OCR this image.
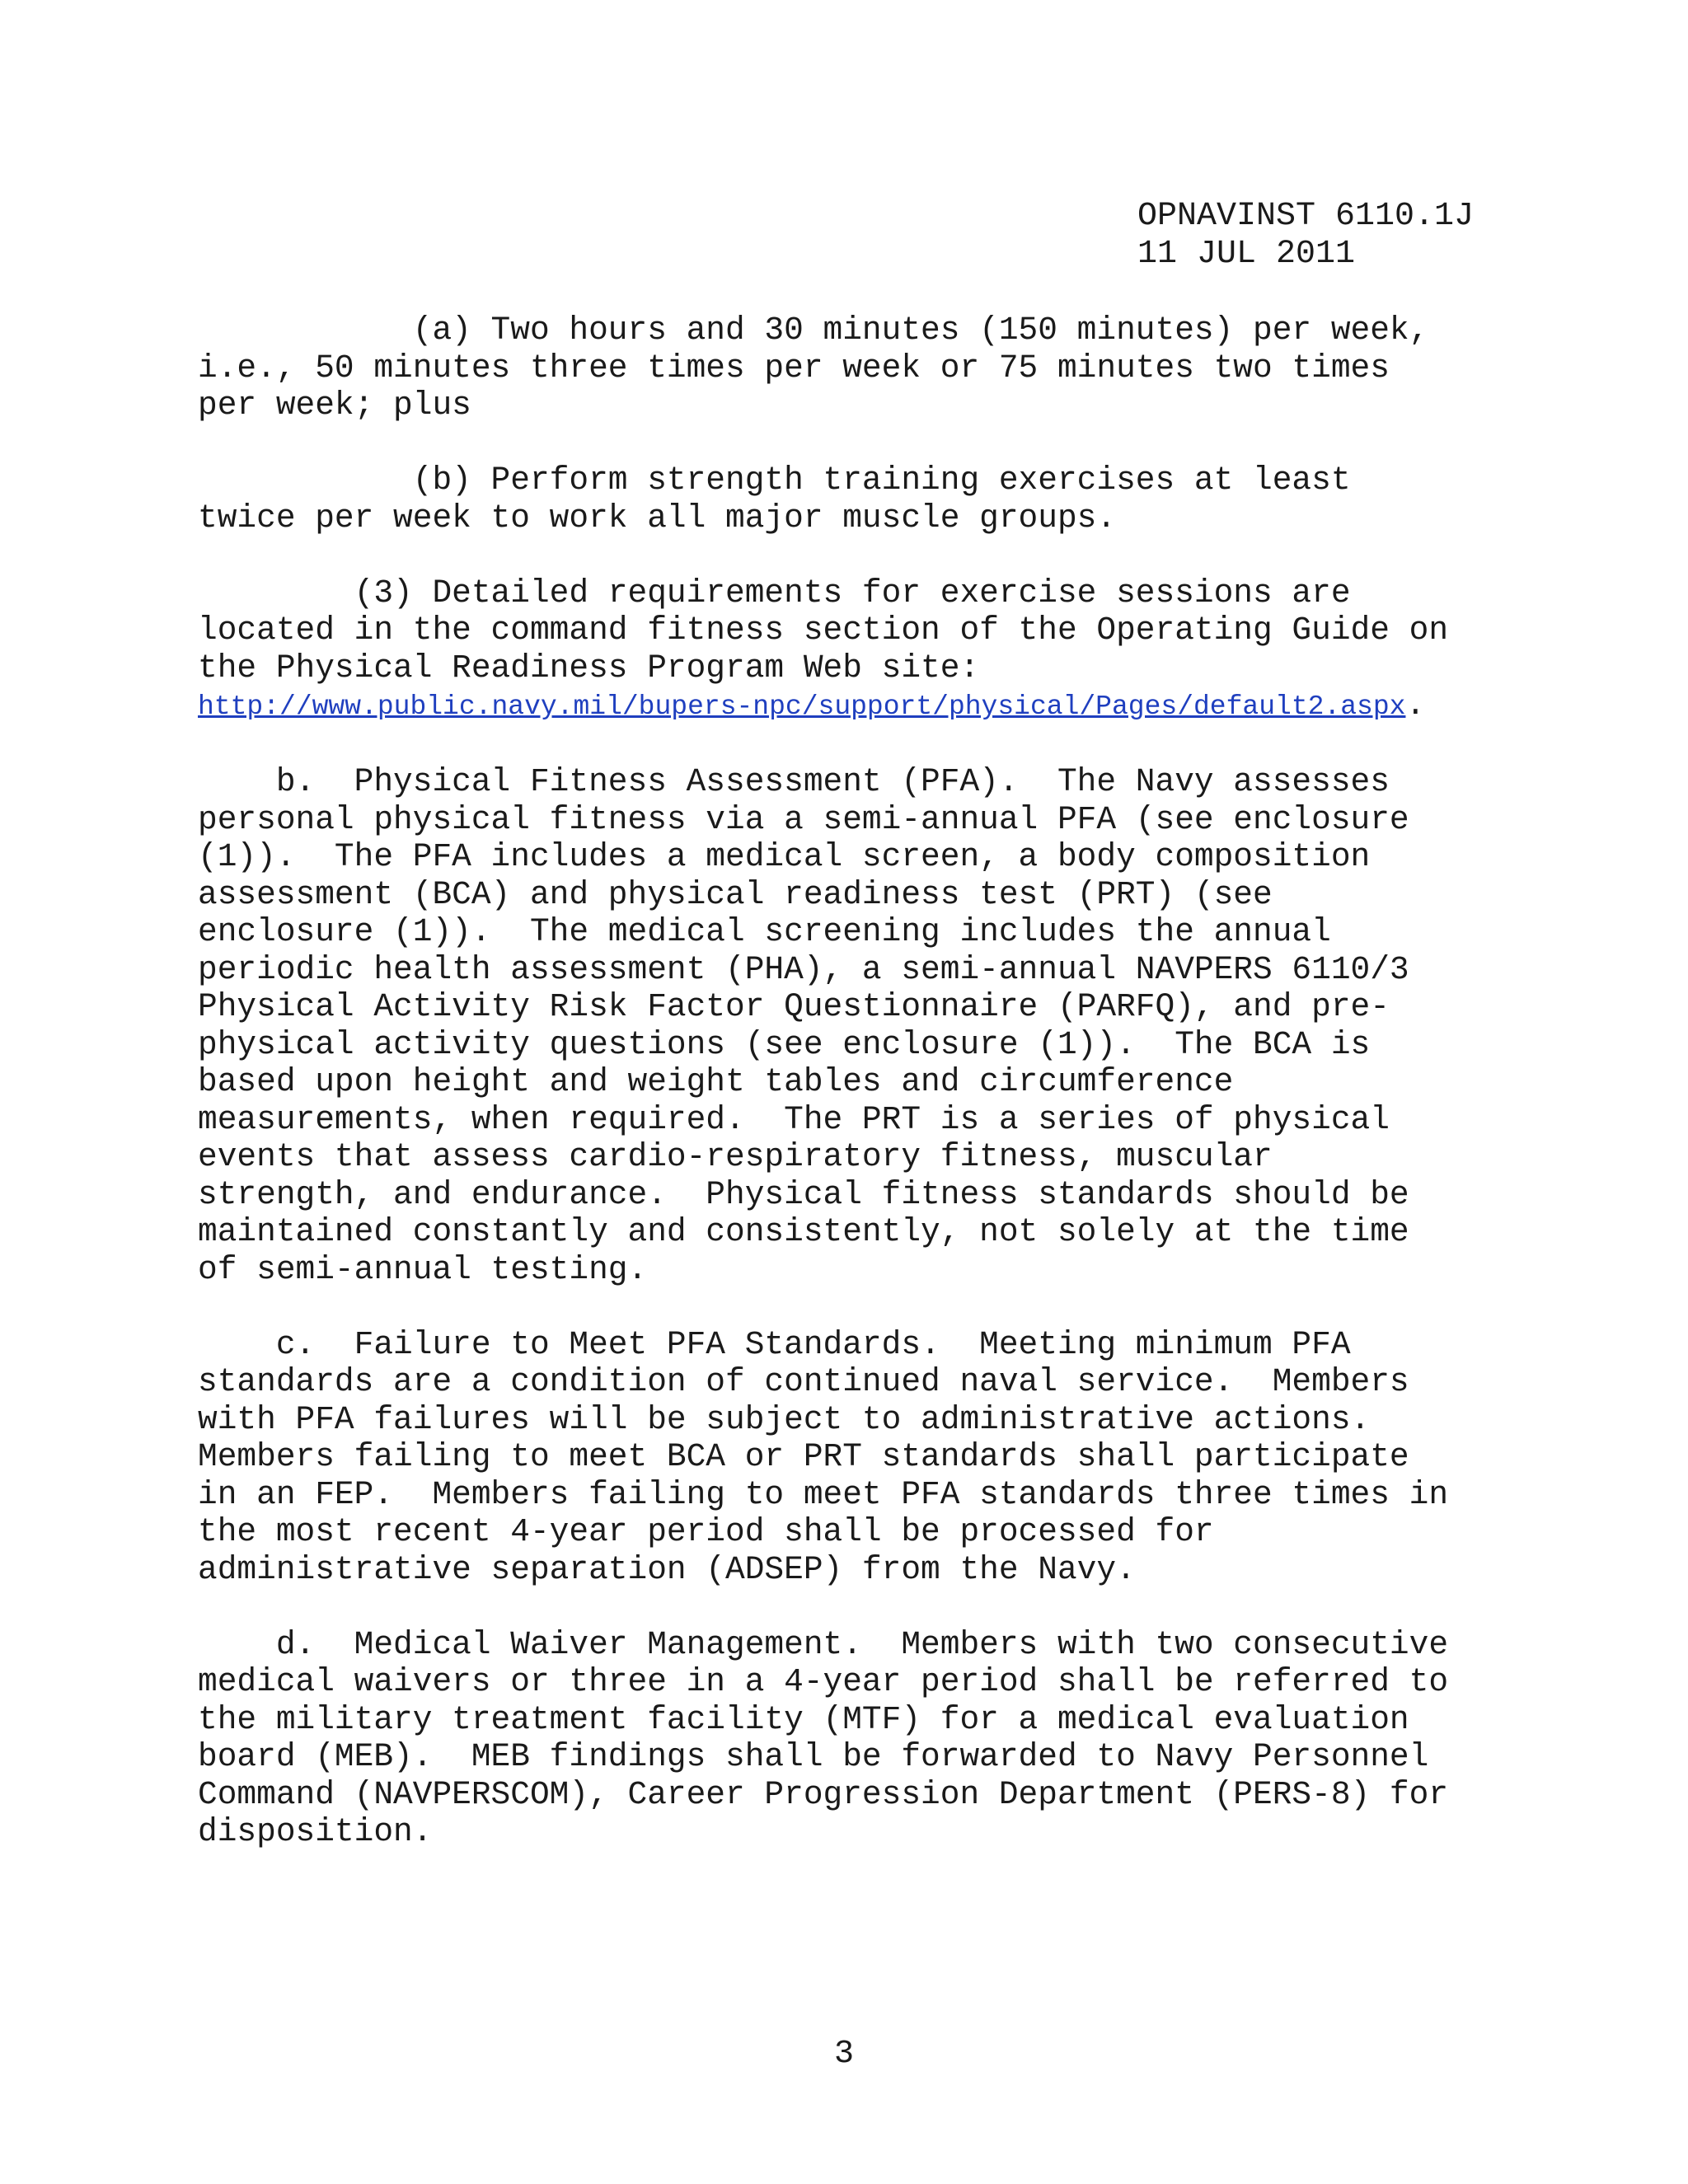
OPNAVINST 6110.1J
11 JUL 2011
(a) Two hours and 30 minutes (150 minutes) per week,
i.e., 50 minutes three times per week or 75 minutes two times
per week; plus
(b) Perform strength training exercises at least
twice per week to work all major muscle groups.
(3) Detailed requirements for exercise sessions are
located in the command fitness section of the Operating Guide on
the Physical Readiness Program Web site:
http://www.public.navy.mil/bupers-npc/support/physical/Pages/default2.aspx.
b.  Physical Fitness Assessment (PFA).  The Navy assesses
personal physical fitness via a semi-annual PFA (see enclosure
(1)).  The PFA includes a medical screen, a body composition
assessment (BCA) and physical readiness test (PRT) (see
enclosure (1)).  The medical screening includes the annual
periodic health assessment (PHA), a semi-annual NAVPERS 6110/3
Physical Activity Risk Factor Questionnaire (PARFQ), and pre-
physical activity questions (see enclosure (1)).  The BCA is
based upon height and weight tables and circumference
measurements, when required.  The PRT is a series of physical
events that assess cardio-respiratory fitness, muscular
strength, and endurance.  Physical fitness standards should be
maintained constantly and consistently, not solely at the time
of semi-annual testing.
c.  Failure to Meet PFA Standards.  Meeting minimum PFA
standards are a condition of continued naval service.  Members
with PFA failures will be subject to administrative actions.
Members failing to meet BCA or PRT standards shall participate
in an FEP.  Members failing to meet PFA standards three times in
the most recent 4-year period shall be processed for
administrative separation (ADSEP) from the Navy.
d.  Medical Waiver Management.  Members with two consecutive
medical waivers or three in a 4-year period shall be referred to
the military treatment facility (MTF) for a medical evaluation
board (MEB).  MEB findings shall be forwarded to Navy Personnel
Command (NAVPERSCOM), Career Progression Department (PERS-8) for
disposition.
3
